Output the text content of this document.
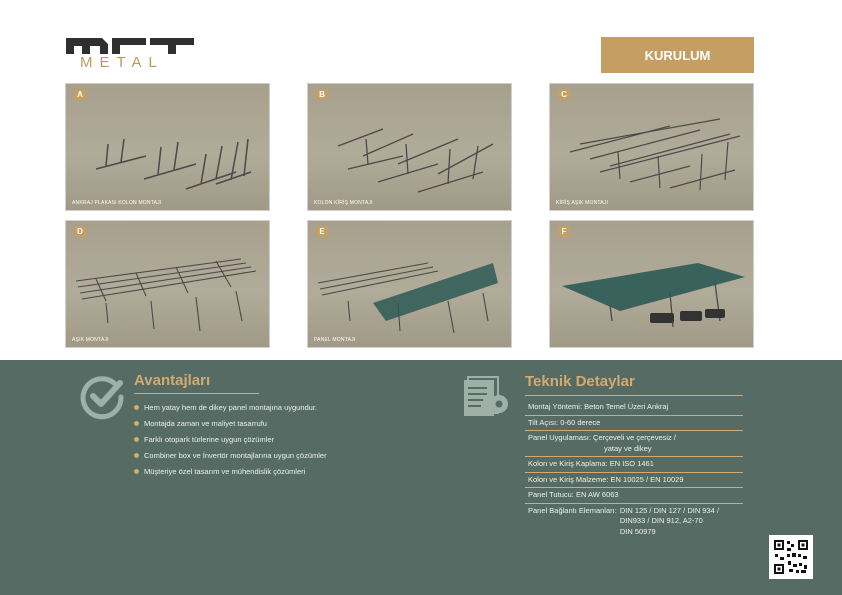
METAL	KURULUM
A
ANKRAJ PLAKASI KOLON MONTAJI
B
KOLON KİRİŞ MONTAJI
C
KİRİŞ AŞIK MONTAJI
D
AŞIK MONTAJI
E
PANEL MONTAJI
F
Avantajları
Hem yatay hem de dikey panel montajına uygundur.
Montajda zaman ve maliyet tasarrufu
Farklı otopark türlerine uygun çözümler
Combiner box ve İnvertör montajlarına uygun çözümler
Müşteriye özel tasarım ve mühendislik çözümleri
Teknik Detaylar
Montaj Yöntemi: Beton Temel Üzeri Ankraj
Tilt Açısı: 0-60 derece
Panel Uygulaması: Çerçeveli ve çerçevesiz /
yatay ve dikey
Kolon ve Kiriş Kaplama: EN ISO 1461
Kolon ve Kiriş Malzeme: EN 10025 / EN 10029
Panel Tutucu: EN AW 6063
Panel Bağlantı Elemanları: DIN 125 / DIN 127 / DIN 934 /
DIN933 / DIN 912, A2-70
DIN 50979
